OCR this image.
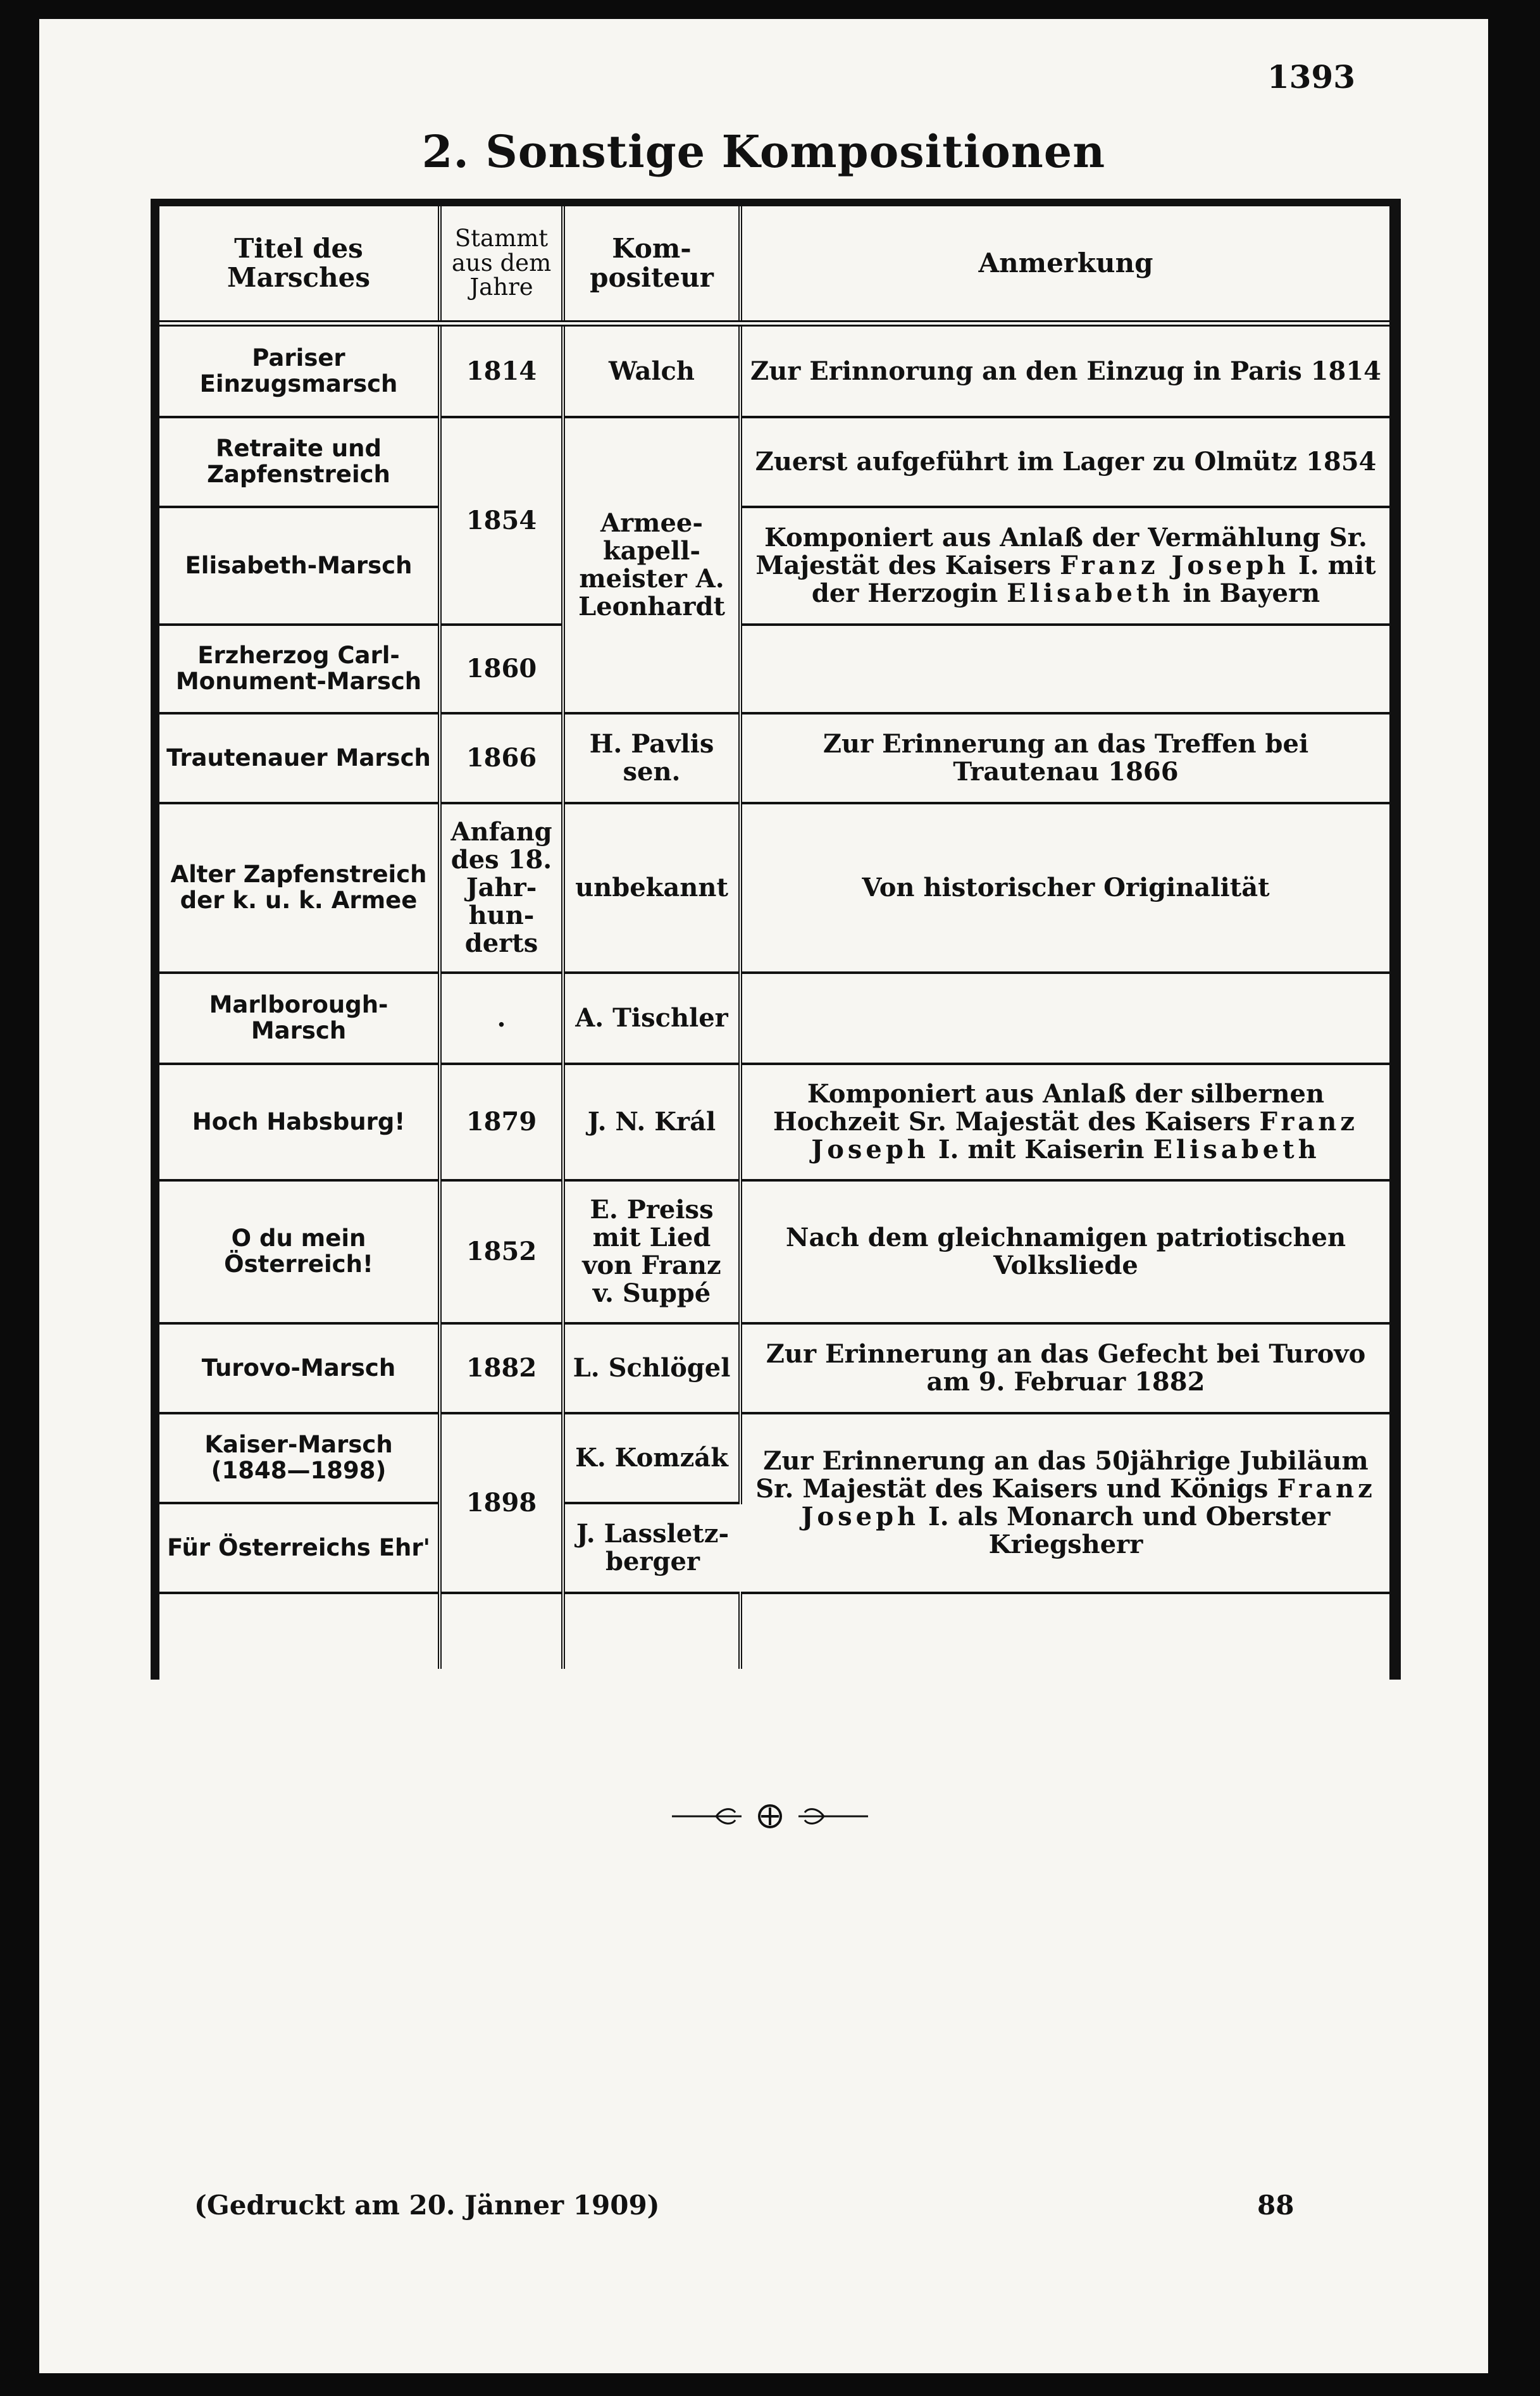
1393
2. Sonstige Kompositionen
Titel des Marsches	Stammt aus dem Jahre	Kom-positeur	Anmerkung
Pariser Einzugsmarsch	1814	Walch	Zur Erinnorung an den Einzug in Paris 1814
Retraite und Zapfenstreich	1854	Armee-kapell-meister A. Leonhardt	Zuerst aufgeführt im Lager zu Olmütz 1854
Elisabeth-Marsch			Komponiert aus Anlaß der Vermählung Sr. Majestät des Kaisers Franz Joseph I. mit der Herzogin Elisabeth in Bayern
Erzherzog Carl-Monument-Marsch	1860		
Trautenauer Marsch	1866	H. Pavlis sen.	Zur Erinnerung an das Treffen bei Trautenau 1866
Alter Zapfenstreich der k. u. k. Armee	Anfang des 18. Jahr-hun-derts	unbekannt	Von historischer Originalität
Marlborough-Marsch	.	A. Tischler	
Hoch Habsburg!	1879	J. N. Král	Komponiert aus Anlaß der silbernen Hochzeit Sr. Majestät des Kaisers Franz Joseph I. mit Kaiserin Elisabeth
O du mein Österreich!	1852	E. Preiss mit Lied von Franz v. Suppé	Nach dem gleichnamigen patriotischen Volksliede
Turovo-Marsch	1882	L. Schlögel	Zur Erinnerung an das Gefecht bei Turovo am 9. Februar 1882
Kaiser-Marsch (1848—1898)	1898	K. Komzák	Zur Erinnerung an das 50jährige Jubiläum Sr. Majestät des Kaisers und Königs Franz Joseph I. als Monarch und Oberster Kriegsherr
Für Österreichs Ehr'		J. Lassletz-berger	

(Gedruckt am 20. Jänner 1909)	88
